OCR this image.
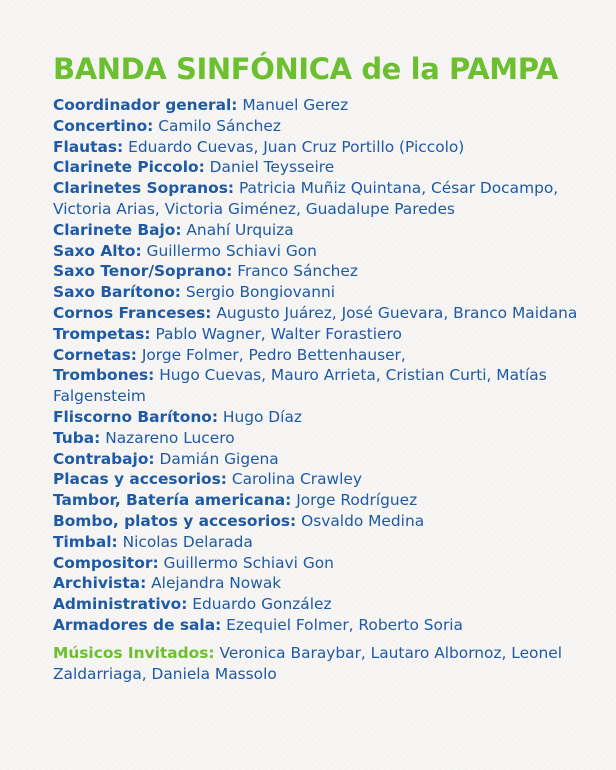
BANDA SINFÓNICA de la PAMPA
Coordinador general: Manuel Gerez
Concertino: Camilo Sánchez
Flautas: Eduardo Cuevas, Juan Cruz Portillo (Piccolo)
Clarinete Piccolo: Daniel Teysseire
Clarinetes Sopranos: Patricia Muñiz Quintana, César Docampo, Victoria Arias, Victoria Giménez, Guadalupe Paredes
Clarinete Bajo: Anahí Urquiza
Saxo Alto: Guillermo Schiavi Gon
Saxo Tenor/Soprano: Franco Sánchez
Saxo Barítono: Sergio Bongiovanni
Cornos Franceses: Augusto Juárez, José Guevara, Branco Maidana
Trompetas: Pablo Wagner, Walter Forastiero
Cornetas: Jorge Folmer, Pedro Bettenhauser,
Trombones: Hugo Cuevas, Mauro Arrieta, Cristian Curti, Matías Falgensteim
Fliscorno Barítono: Hugo Díaz
Tuba: Nazareno Lucero
Contrabajo: Damián Gigena
Placas y accesorios: Carolina Crawley
Tambor, Batería americana: Jorge Rodríguez
Bombo, platos y accesorios: Osvaldo Medina
Timbal: Nicolas Delarada
Compositor: Guillermo Schiavi Gon
Archivista: Alejandra Nowak
Administrativo: Eduardo González
Armadores de sala: Ezequiel Folmer, Roberto Soria

Músicos Invitados: Veronica Baraybar, Lautaro Albornoz, Leonel Zaldarriaga, Daniela Massolo
